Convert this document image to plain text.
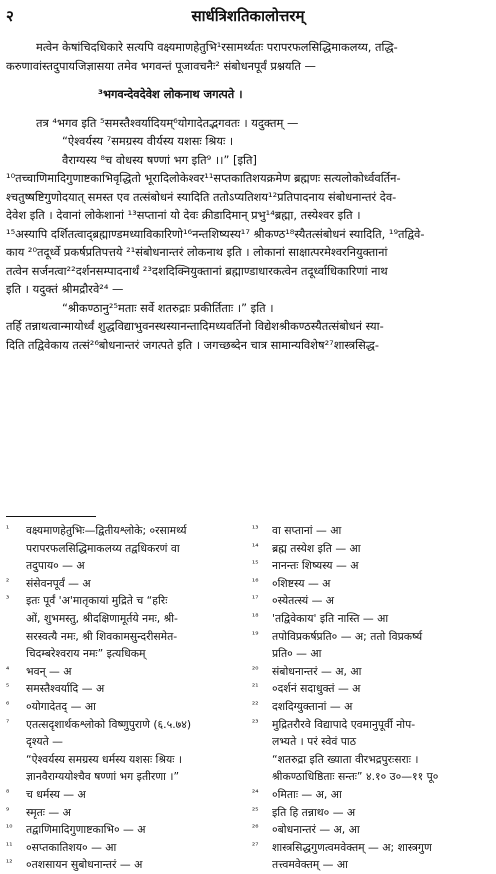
२	सार्धत्रिशतिकालोत्तरम्
मत्वेन केषांचिदधिकारे सत्यपि वक्ष्यमाणहेतुभि¹रसामर्थ्यतः परापरफलसिद्धिमाकलय्य, तद्धि-
करुणावांस्तदुपायजिज्ञासया तमेव भगवन्तं पूजावचनैः² संबोधनपूर्वं प्रश्नयति —
³भगवन्देवदेवेश लोकनाथ जगत्पते ।
तत्र ⁴भगव इति ⁵समस्तैश्वर्यादियम्⁶योगादेतद्भगवतः । यदुक्तम् —
“ऐश्वर्यस्य ⁷समग्रस्य वीर्यस्य यशसः श्रियः ।
वैराग्यस्य ⁸च वोधस्य षण्णां भग इति⁹ ।।” [इति]
¹⁰तच्चाणिमादिगुणाष्टकाभिवृद्धितो भूरादिलोकेश्वर¹¹सप्तकातिशयक्रमेण ब्रह्मणः सत्यलोकोर्ध्ववर्तिन-
श्चतुष्षष्टिगुणोदयात् समस्त एव तत्संबोधनं स्यादिति ततोऽप्यतिशय¹²प्रतिपादनाय संबोधनान्तरं देव-
देवेश इति । देवानां लोकेशानां ¹³सप्तानां यो देवः क्रीडादिमान् प्रभु¹⁴ब्रह्मा, तस्येश्वर इति ।
¹⁵अस्यापि दर्शितत्वाद्ब्रह्माण्डमध्याविकारिणो¹⁶नन्तशिष्यस्य¹⁷ श्रीकण्ठ¹⁸स्यैतत्संबोधनं स्यादिति, ¹⁹तद्विवे-
काय ²⁰तदूर्ध्वे प्रकर्षप्रतिपत्तये ²¹संबोधनान्तरं लोकनाथ इति । लोकानां साक्षात्परमेश्वरनियुक्तानां
तत्वेन सर्जनत्वा²²दर्शनसम्पादनार्थं ²³दशदिक्नियुक्तानां ब्रह्माण्डाधारकत्वेन तदूर्ध्वाधिकारिणां नाथ
इति । यदुक्तं श्रीमद्रौरवे²⁴ —
“श्रीकण्ठानु²⁵मताः सर्वे शतरुद्राः प्रकीर्तिताः ।” इति ।
तर्हि तन्नाथत्वान्मायोर्ध्वं शुद्धविद्याभुवनस्थस्यानन्तादिमध्यवर्तिनो विद्येशश्रीकण्ठस्यैतत्संबोधनं स्या-
दिति तद्विवेकाय तत्सं²⁶बोधनान्तरं जगत्पते इति । जगच्छब्देन चात्र सामान्यविशेष²⁷शास्त्रसिद्ध-
¹	वक्ष्यमाणहेतुभिः—द्वितीयश्लोके; ०रसामर्थ्य
परापरफलसिद्धिमाकलय्य तद्वधिकरणं वा
तदुपाय० — अ
²	संसेवनपूर्वं — अ
³	इतः पूर्वं 'अ'मातृकायां मुद्रिते च “हरिः
ओं, शुभमस्तु, श्रीदक्षिणामूर्तये नमः, श्री-
सरस्वत्यै नमः, श्री शिवकामसुन्दरीसमेत-
चिदम्बरेश्वराय नमः” इत्यधिकम्
⁴	भवन् — अ
⁵	समस्तैश्वर्यादि — अ
⁶	०योगादेतद् — आ
⁷	एतत्सदृशार्थकश्लोको विष्णुपुराणे (६.५.७४)
दृश्यते —
“ऐश्वर्यस्य समग्रस्य धर्मस्य यशसः श्रियः ।
ज्ञानवैराग्ययोश्चैव षण्णां भग इतीरणा ।”
⁸	च धर्मस्य — अ
⁹	स्मृतः — अ
¹⁰	तद्वाणिमादिगुणाष्टकाभि० — अ
¹¹	०सप्तकातिशय० — आ
¹²	०तशसायन सुबोधनान्तरं — अ
¹³	वा सप्तानां — आ
¹⁴	ब्रह्म तस्येश इति — आ
¹⁵	नानन्तः शिष्यस्य — अ
¹⁶	०शिष्टस्य — अ
¹⁷	०स्येतत्स्यं — अ
¹⁸	'तद्विवेकाय' इति नास्ति — आ
¹⁹	तपोविप्रकर्षप्रति० — अ; ततो विप्रकर्ष्य
प्रति० — आ
²⁰	संबोधनान्तरं — अ, आ
²¹	०दर्शनं सदाधुक्तं — अ
²²	दशदिग्युक्तानां — अ
²³	मुद्रितरौरवे विद्यापादे एवमानुपूर्वी नोप-
लभ्यते । परं स्वेवं पाठ
“शतरुद्रा इति ख्याता वीरभद्रपुरःसराः ।
श्रीकण्ठाधिष्ठिताः सन्तः” ४.१० उ०—११ पू०
²⁴	०मिताः — अ, आ
²⁵	इति हि तन्नाथ० — अ
²⁶	०बोधनान्तरं — अ, आ
²⁷	शास्त्रसिद्धगुणत्वमवेक्तम् — अ; शास्त्रगुण
तत्त्वमवेक्तम् — आ
